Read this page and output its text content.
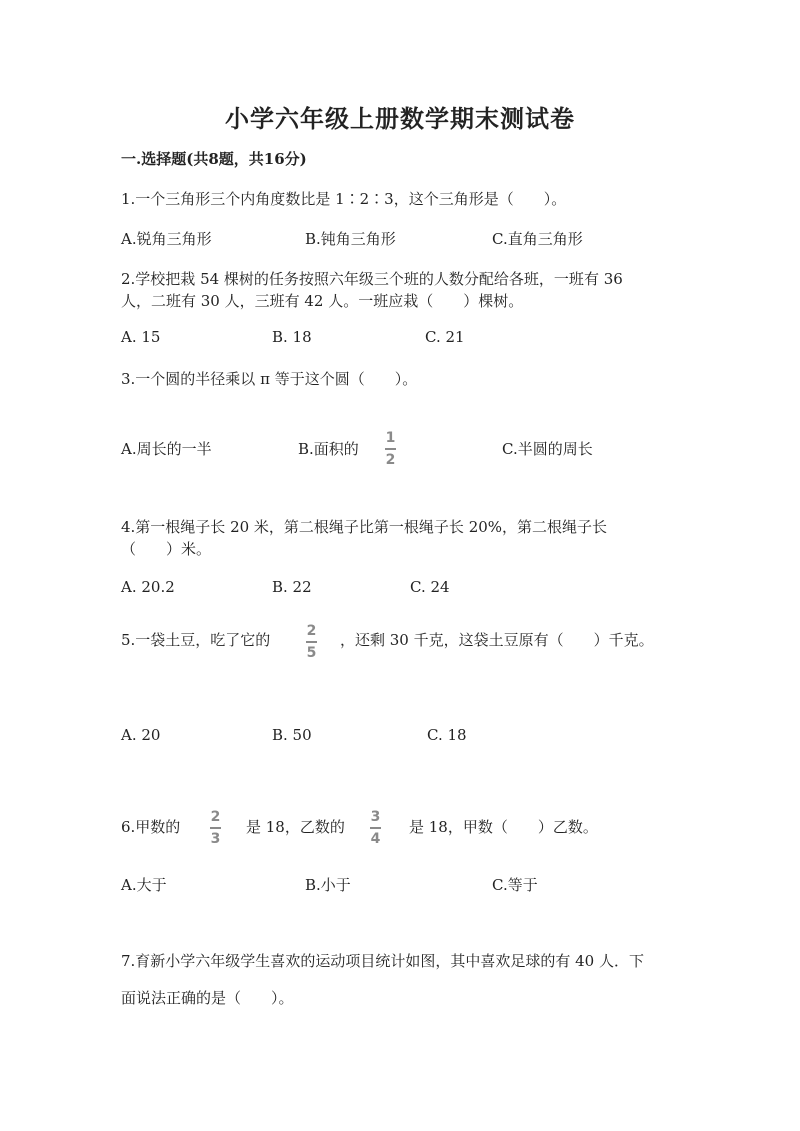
小学六年级上册数学期末测试卷
一.选择题(共8题，共16分)
1.一个三角形三个内角度数比是 1∶2∶3，这个三角形是（　　）。
A.锐角三角形	B.钝角三角形	C.直角三角形
2.学校把栽 54 棵树的任务按照六年级三个班的人数分配给各班，一班有 36
人，二班有 30 人，三班有 42 人。一班应栽（　　）棵树。
A. 15	B. 18	C. 21
3.一个圆的半径乘以 π 等于这个圆（　　）。
A.周长的一半	B.面积的
1
2
C.半圆的周长
4.第一根绳子长 20 米，第二根绳子比第一根绳子长 20%，第二根绳子长
（　　）米。
A. 20.2	B. 22	C. 24
5.一袋土豆，吃了它的	2
5
，还剩 30 千克，这袋土豆原有（　　）千克。
A. 20	B. 50	C. 18
6.甲数的
2
3
是 18，乙数的
3
4
是 18，甲数（　　）乙数。
A.大于	B.小于	C.等于
7.育新小学六年级学生喜欢的运动项目统计如图，其中喜欢足球的有 40 人．下
面说法正确的是（　　）。
